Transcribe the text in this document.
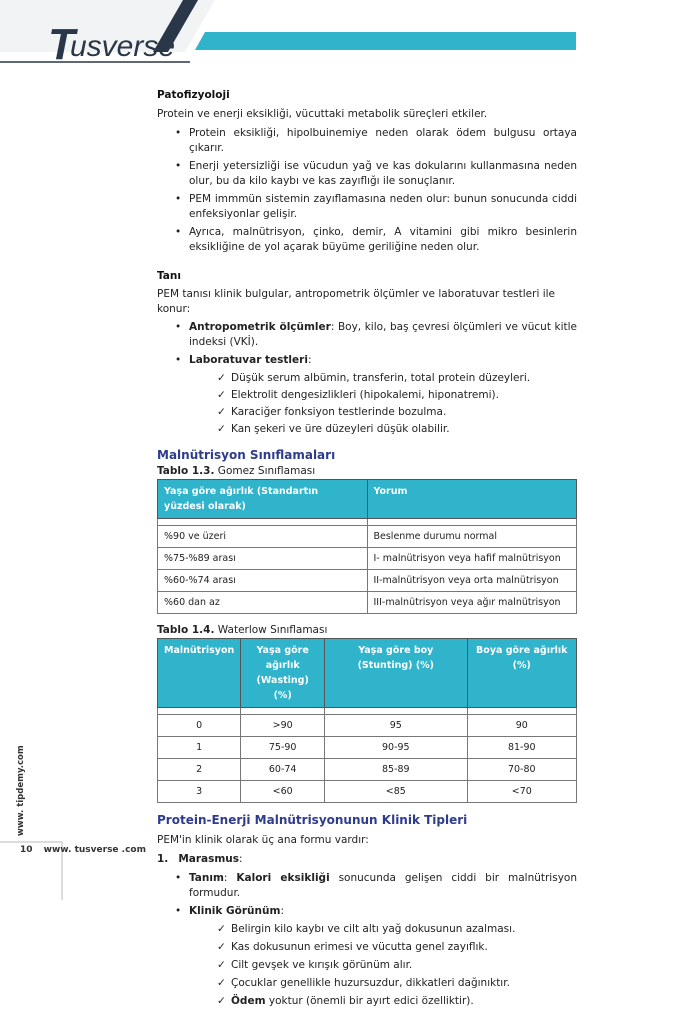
T
usverse

Patofizyoloji

Protein ve enerji eksikliği, vücuttaki metabolik süreçleri etkiler.

• Protein eksikliği, hipolbuinemiye neden olarak ödem bulgusu ortaya çıkarır.
• Enerji yetersizliği ise vücudun yağ ve kas dokularını kullanmasına neden olur, bu da kilo kaybı ve kas zayıflığı ile sonuçlanır.
• PEM immmün sistemin zayıflamasına neden olur: bunun sonucunda ciddi enfeksiyonlar gelişir.
• Ayrıca, malnütrisyon, çinko, demir, A vitamini gibi mikro besinlerin eksikliğine de yol açarak büyüme geriliğine neden olur.

Tanı

PEM tanısı klinik bulgular, antropometrik ölçümler ve laboratuvar testleri ile konur:

• Antropometrik ölçümler: Boy, kilo, baş çevresi ölçümleri ve vücut kitle indeksi (VKİ).
• Laboratuvar testleri:
✓ Düşük serum albümin, transferin, total protein düzeyleri.
✓ Elektrolit dengesizlikleri (hipokalemi, hiponatremi).
✓ Karaciğer fonksiyon testlerinde bozulma.
✓ Kan şekeri ve üre düzeyleri düşük olabilir.

Malnütrisyon Sınıflamaları

Tablo 1.3. Gomez Sınıflaması

Yaşa göre ağırlık (Standartın yüzdesi olarak)	Yorum

%90 ve üzeri	Beslenme durumu normal
%75-%89 arası	I- malnütrisyon veya hafif malnütrisyon
%60-%74 arası	II-malnütrisyon veya orta malnütrisyon
%60 dan az	III-malnütrisyon veya ağır malnütrisyon

Tablo 1.4. Waterlow Sınıflaması

Malnütrisyon	Yaşa göre ağırlık (Wasting) (%)	Yaşa göre boy (Stunting) (%)	Boya göre ağırlık (%)

0	>90	95	90
1	75-90	90-95	81-90
2	60-74	85-89	70-80
3	<60	<85	<70

Protein-Enerji Malnütrisyonunun Klinik Tipleri

PEM'in klinik olarak üç ana formu vardır:

1. Marasmus:

• Tanım: Kalori eksikliği sonucunda gelişen ciddi bir malnütrisyon formudur.
• Klinik Görünüm:
✓ Belirgin kilo kaybı ve cilt altı yağ dokusunun azalması.
✓ Kas dokusunun erimesi ve vücutta genel zayıflık.
✓ Cilt gevşek ve kırışık görünüm alır.
✓ Çocuklar genellikle huzursuzdur, dikkatleri dağınıktır.
✓ Ödem yoktur (önemli bir ayırt edici özelliktir).
www. tipdemy.com
10 www. tusverse .com
